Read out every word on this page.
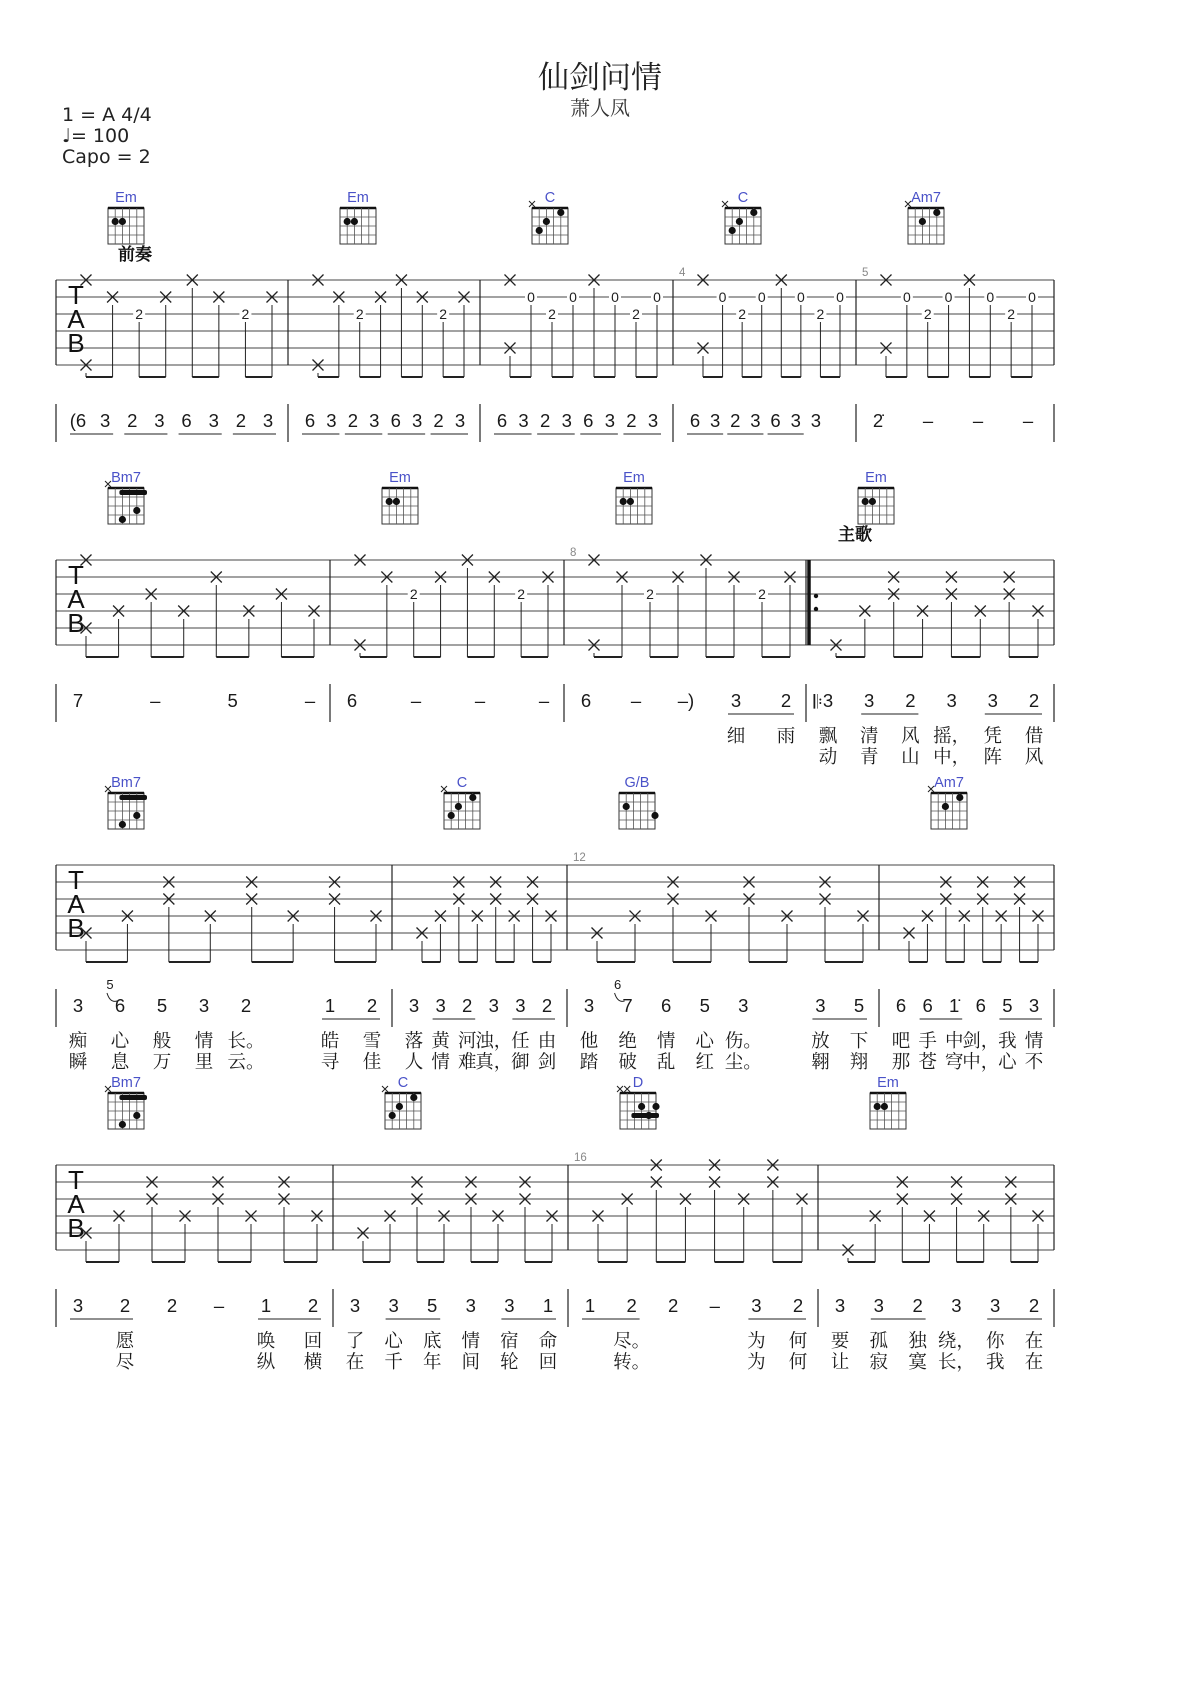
仙剑问情
萧人凤
1 = A 4/4
♩= 100
Capo = 2
T
A
B
前奏
2	2
(6 3 2 3 6 3 2 3
2	2
6 3 2 3 6 3 2 3
0
2
0 0
2
0
6 3 2 3 6 3 2 3
4
0
2
0 0
2
0
6 3 2 3 6 3 3
5
0
2
0 0
2
0
2̇ – – –
Em	Em	C	C	Am7
T
A
B
主歌
7	–	5	–
2	2
6	–	–	–
8
2	2
6 – –) 3 2
细 雨
𝄆 3 3 2 3 3 2
飘 清 风 摇， 凭 借
动 青 山 中， 阵 风
Bm7	Em	Em	Em
T
A
B
3 6
5
5 3 2	1 2
痴 心 般 情 长。	皓 雪
瞬 息 万 里 云。	寻 佳
3 3 2 3 3 2
落 黄 河
浊，
任 由
人 情 难
真，
御 剑
12
3 7
6
6 5 3	3 5
他 绝 情 心 伤。	放 下
踏 破 乱 红 尘。	翱 翔
6 6 1̇ 6 5 3
吧 手 中
剑，
我 情
那 苍 穹
中，
心 不
Bm7	C	G/B	Am7
T
A
B
3 2 2 – 1 2
愿	唤 回
尽	纵 横
3 3 5 3 3 1
了 心 底 情 宿 命
在 千 年 间 轮 回
16
1 2 2 – 3 2
尽。	为 何
转。	为 何
3 3 2 3 3 2
要 孤 独 绕， 你 在
让 寂 寞 长， 我 在
Bm7	C	D	Em
